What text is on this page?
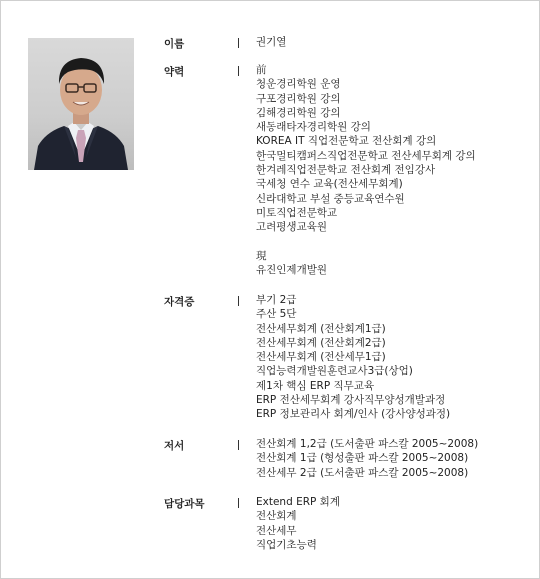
이름	권기열
약력	前
청운경리학원 운영
구포경리학원 강의
김해경리학원 강의
새동래타자경리학원 강의
KOREA IT 직업전문학교 전산회계 강의
한국멀티캠퍼스직업전문학교 전산세무회계 강의
한겨레직업전문학교 전산회계 전임강사
국세청 연수 교육(전산세무회계)
신라대학교 부설 중등교육연수원
미토직업전문학교
고려평생교육원
現
유진인제개발원
자격증	부기 2급
주산 5단
전산세무회계 (전산회계1급)
전산세무회계 (전산회계2급)
전산세무회계 (전산세무1급)
직업능력개발원훈련교사3급(상업)
제1차 핵심 ERP 직무교육
ERP 전산세무회계 강사직무양성개발과정
ERP 정보관리사 회계/인사 (강사양성과정)
저서	전산회계 1,2급 (도서출판 파스칼 2005~2008)
전산회계 1급 (형성출판 파스칼 2005~2008)
전산세무 2급 (도서출판 파스칼 2005~2008)
담당과목	Extend ERP 회계
전산회계
전산세무
직업기초능력
